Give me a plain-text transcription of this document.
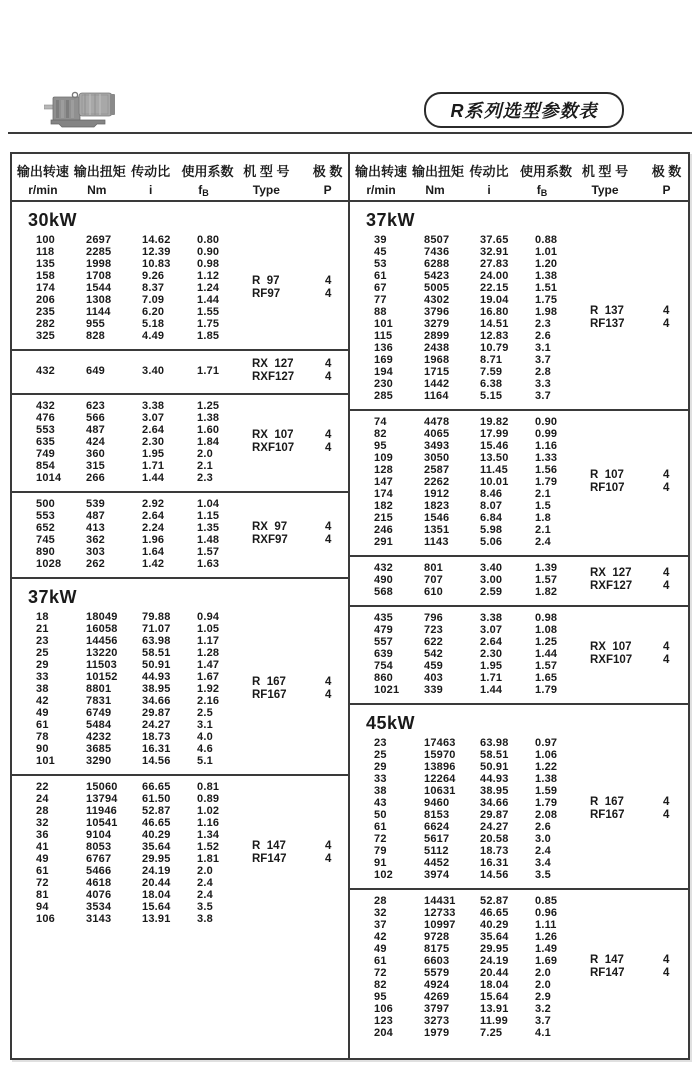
R系列选型参数表
输出转速
r/min
输出扭矩
Nm
传动比
i
使用系数
$f_B$
机 型 号
Type
极 数
P
输出转速
r/min
输出扭矩
Nm
传动比
i
使用系数
$f_B$
机 型 号
Type
极 数
P
30kW
100	2697	14.62	0.80
118	2285	12.39	0.90
135	1998	10.83	0.98
158	1708	9.26	1.12
174	1544	8.37	1.24
206	1308	7.09	1.44
235	1144	6.20	1.55
282	955	5.18	1.75
325	828	4.49	1.85
R  97	4
RF97	4
432	649	3.40	1.71
RX  127	4
RXF127	4
432	623	3.38	1.25
476	566	3.07	1.38
553	487	2.64	1.60
635	424	2.30	1.84
749	360	1.95	2.0
854	315	1.71	2.1
1014	266	1.44	2.3
RX  107	4
RXF107	4
500	539	2.92	1.04
553	487	2.64	1.15
652	413	2.24	1.35
745	362	1.96	1.48
890	303	1.64	1.57
1028	262	1.42	1.63
RX  97	4
RXF97	4
37kW
18	18049	79.88	0.94
21	16058	71.07	1.05
23	14456	63.98	1.17
25	13220	58.51	1.28
29	11503	50.91	1.47
33	10152	44.93	1.67
38	8801	38.95	1.92
42	7831	34.66	2.16
49	6749	29.87	2.5
61	5484	24.27	3.1
78	4232	18.73	4.0
90	3685	16.31	4.6
101	3290	14.56	5.1
R  167	4
RF167	4
22	15060	66.65	0.81
24	13794	61.50	0.89
28	11946	52.87	1.02
32	10541	46.65	1.16
36	9104	40.29	1.34
41	8053	35.64	1.52
49	6767	29.95	1.81
61	5466	24.19	2.0
72	4618	20.44	2.4
81	4076	18.04	2.4
94	3534	15.64	3.5
106	3143	13.91	3.8
R  147	4
RF147	4
37kW
39	8507	37.65	0.88
45	7436	32.91	1.01
53	6288	27.83	1.20
61	5423	24.00	1.38
67	5005	22.15	1.51
77	4302	19.04	1.75
88	3796	16.80	1.98
101	3279	14.51	2.3
115	2899	12.83	2.6
136	2438	10.79	3.1
169	1968	8.71	3.7
194	1715	7.59	2.8
230	1442	6.38	3.3
285	1164	5.15	3.7
R  137	4
RF137	4
74	4478	19.82	0.90
82	4065	17.99	0.99
95	3493	15.46	1.16
109	3050	13.50	1.33
128	2587	11.45	1.56
147	2262	10.01	1.79
174	1912	8.46	2.1
182	1823	8.07	1.5
215	1546	6.84	1.8
246	1351	5.98	2.1
291	1143	5.06	2.4
R  107	4
RF107	4
432	801	3.40	1.39
490	707	3.00	1.57
568	610	2.59	1.82
RX  127	4
RXF127	4
435	796	3.38	0.98
479	723	3.07	1.08
557	622	2.64	1.25
639	542	2.30	1.44
754	459	1.95	1.57
860	403	1.71	1.65
1021	339	1.44	1.79
RX  107	4
RXF107	4
45kW
23	17463	63.98	0.97
25	15970	58.51	1.06
29	13896	50.91	1.22
33	12264	44.93	1.38
38	10631	38.95	1.59
43	9460	34.66	1.79
50	8153	29.87	2.08
61	6624	24.27	2.6
72	5617	20.58	3.0
79	5112	18.73	2.4
91	4452	16.31	3.4
102	3974	14.56	3.5
R  167	4
RF167	4
28	14431	52.87	0.85
32	12733	46.65	0.96
37	10997	40.29	1.11
42	9728	35.64	1.26
49	8175	29.95	1.49
61	6603	24.19	1.69
72	5579	20.44	2.0
82	4924	18.04	2.0
95	4269	15.64	2.9
106	3797	13.91	3.2
123	3273	11.99	3.7
204	1979	7.25	4.1
R  147	4
RF147	4
